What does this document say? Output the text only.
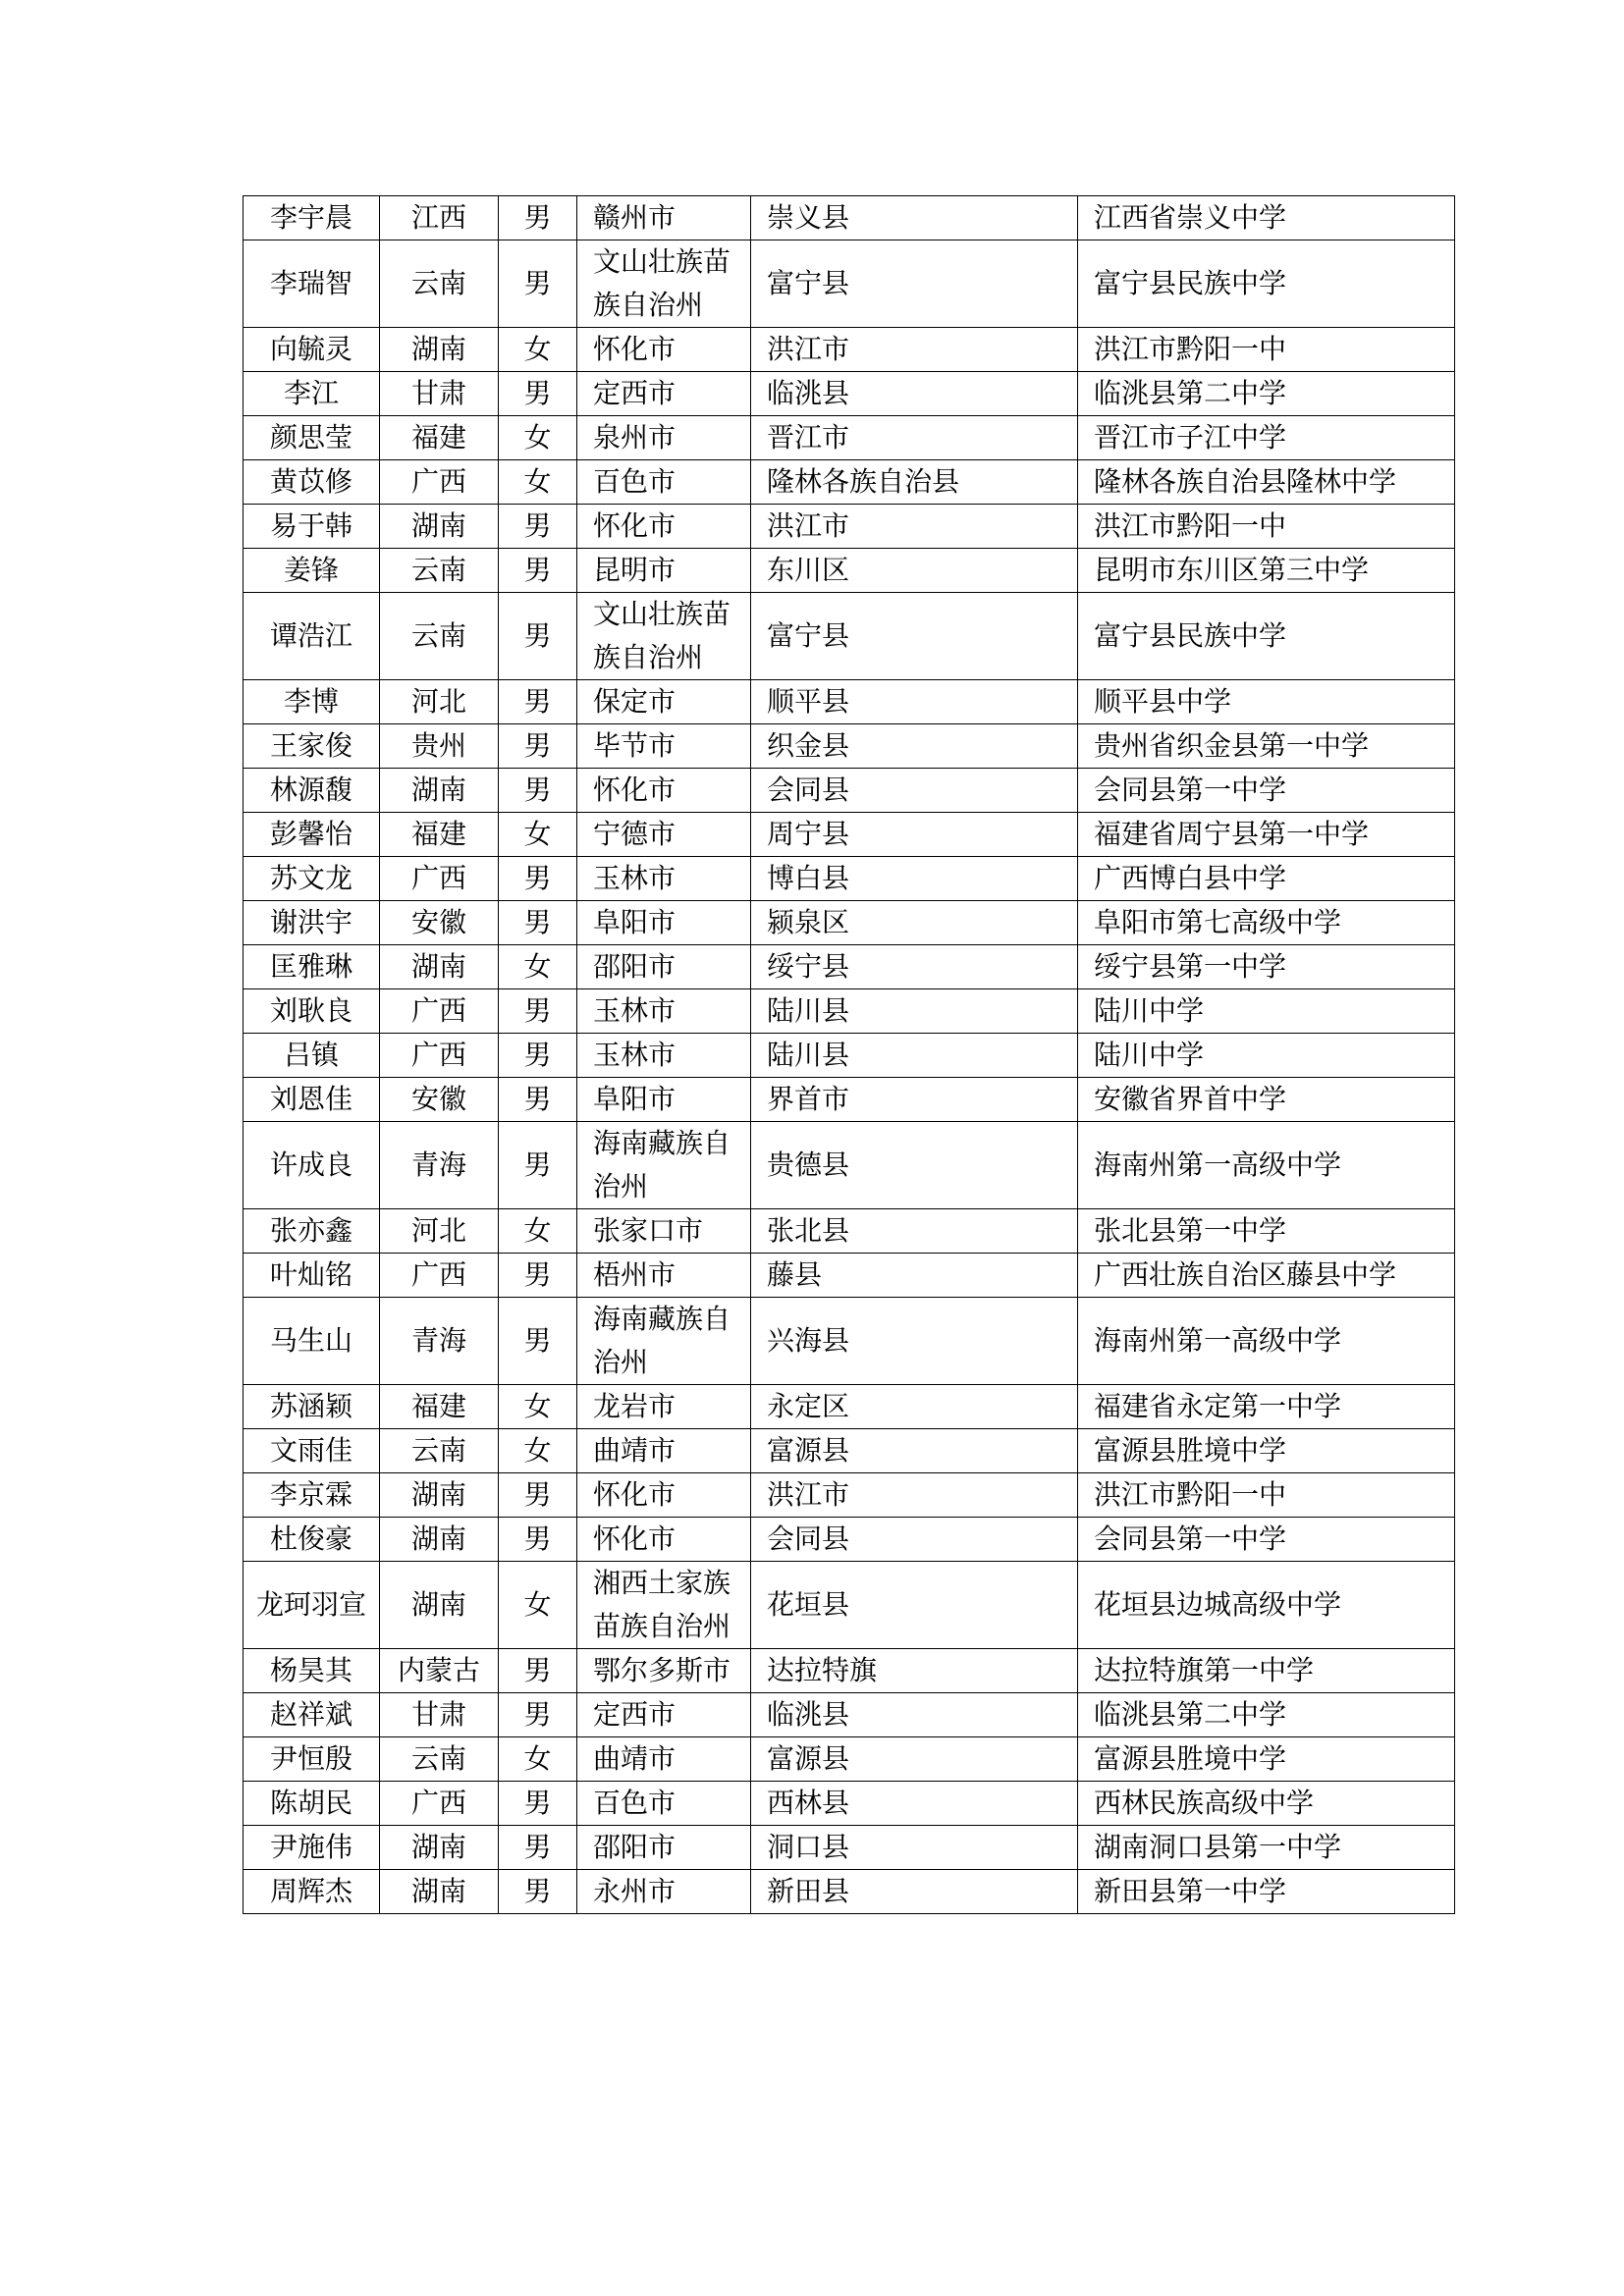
李宇晨	江西	男	赣州市	崇义县	江西省崇义中学
李瑞智	云南	男	文山壮族苗族自治州	富宁县	富宁县民族中学
向毓灵	湖南	女	怀化市	洪江市	洪江市黔阳一中
李江	甘肃	男	定西市	临洮县	临洮县第二中学
颜思莹	福建	女	泉州市	晋江市	晋江市子江中学
黄苡修	广西	女	百色市	隆林各族自治县	隆林各族自治县隆林中学
易于韩	湖南	男	怀化市	洪江市	洪江市黔阳一中
姜锋	云南	男	昆明市	东川区	昆明市东川区第三中学
谭浩江	云南	男	文山壮族苗族自治州	富宁县	富宁县民族中学
李博	河北	男	保定市	顺平县	顺平县中学
王家俊	贵州	男	毕节市	织金县	贵州省织金县第一中学
林源馥	湖南	男	怀化市	会同县	会同县第一中学
彭馨怡	福建	女	宁德市	周宁县	福建省周宁县第一中学
苏文龙	广西	男	玉林市	博白县	广西博白县中学
谢洪宇	安徽	男	阜阳市	颍泉区	阜阳市第七高级中学
匡雅琳	湖南	女	邵阳市	绥宁县	绥宁县第一中学
刘耿良	广西	男	玉林市	陆川县	陆川中学
吕镇	广西	男	玉林市	陆川县	陆川中学
刘恩佳	安徽	男	阜阳市	界首市	安徽省界首中学
许成良	青海	男	海南藏族自治州	贵德县	海南州第一高级中学
张亦鑫	河北	女	张家口市	张北县	张北县第一中学
叶灿铭	广西	男	梧州市	藤县	广西壮族自治区藤县中学
马生山	青海	男	海南藏族自治州	兴海县	海南州第一高级中学
苏涵颖	福建	女	龙岩市	永定区	福建省永定第一中学
文雨佳	云南	女	曲靖市	富源县	富源县胜境中学
李京霖	湖南	男	怀化市	洪江市	洪江市黔阳一中
杜俊豪	湖南	男	怀化市	会同县	会同县第一中学
龙珂羽宣	湖南	女	湘西土家族苗族自治州	花垣县	花垣县边城高级中学
杨昊其	内蒙古	男	鄂尔多斯市	达拉特旗	达拉特旗第一中学
赵祥斌	甘肃	男	定西市	临洮县	临洮县第二中学
尹恒殷	云南	女	曲靖市	富源县	富源县胜境中学
陈胡民	广西	男	百色市	西林县	西林民族高级中学
尹施伟	湖南	男	邵阳市	洞口县	湖南洞口县第一中学
周辉杰	湖南	男	永州市	新田县	新田县第一中学
